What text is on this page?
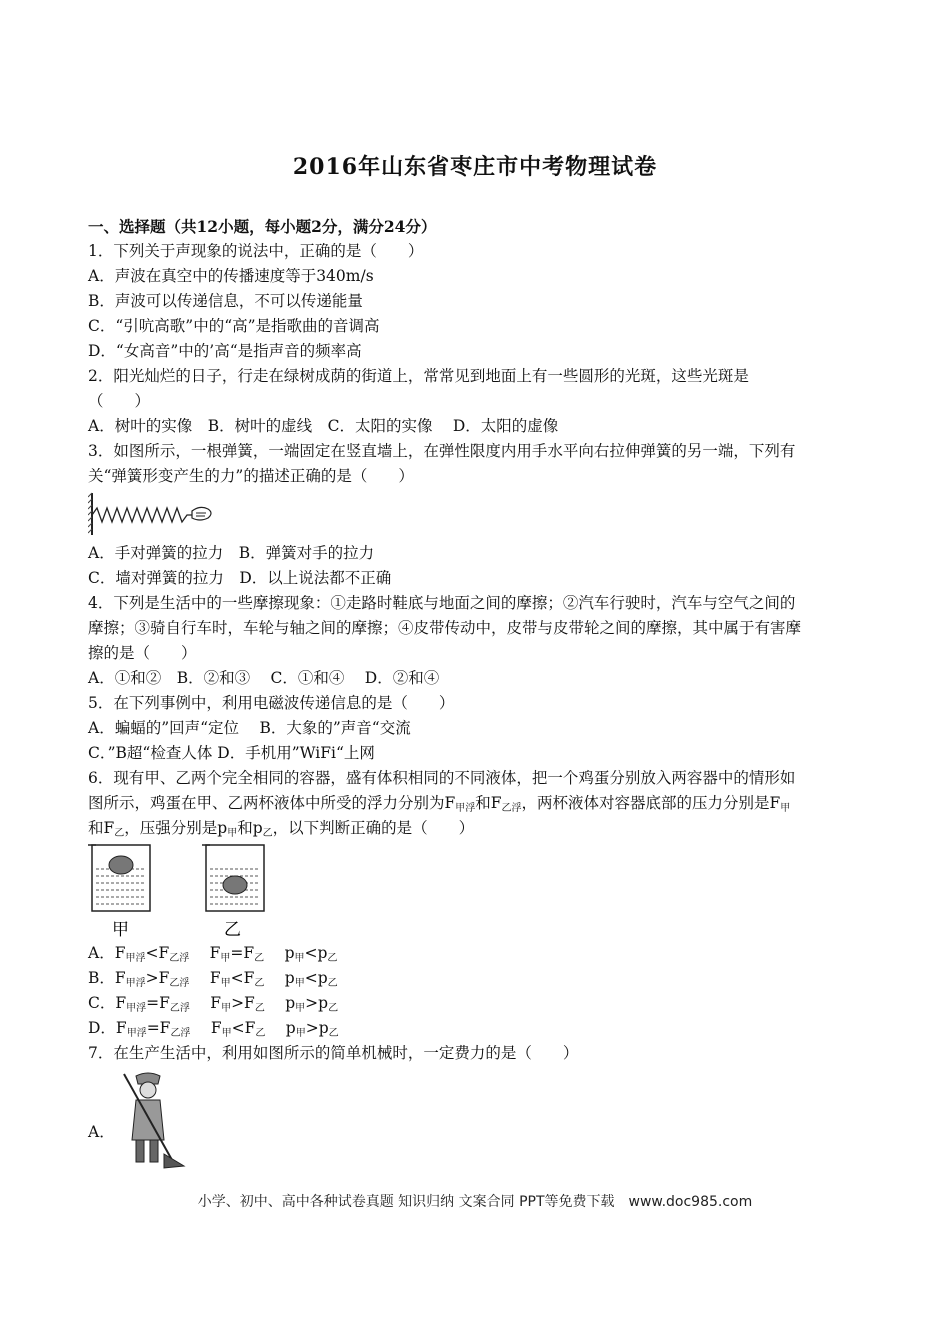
2016年山东省枣庄市中考物理试卷
一、选择题（共12小题，每小题2分，满分24分）
1．下列关于声现象的说法中，正确的是（　　）
A．声波在真空中的传播速度等于340m/s
B．声波可以传递信息，不可以传递能量
C．“引吭高歌”中的“高”是指歌曲的音调高
D．“女高音”中的’高“是指声音的频率高
2．阳光灿烂的日子，行走在绿树成荫的街道上，常常见到地面上有一些圆形的光斑，这些光斑是
（　　）
A．树叶的实像　B．树叶的虚线　C．太阳的实像　 D．太阳的虚像
3．如图所示，一根弹簧，一端固定在竖直墙上，在弹性限度内用手水平向右拉伸弹簧的另一端，下列有
关“弹簧形变产生的力”的描述正确的是（　　）
A．手对弹簧的拉力　B．弹簧对手的拉力
C．墙对弹簧的拉力　D．以上说法都不正确
4．下列是生活中的一些摩擦现象：①走路时鞋底与地面之间的摩擦；②汽车行驶时，汽车与空气之间的
摩擦；③骑自行车时，车轮与轴之间的摩擦；④皮带传动中，皮带与皮带轮之间的摩擦，其中属于有害摩
擦的是（　　）
A．①和②　B．②和③　 C．①和④　 D．②和④
5．在下列事例中，利用电磁波传递信息的是（　　）
A．蝙蝠的”回声“定位　 B．大象的”声音“交流
C．”B超“检查人体 D．手机用”WiFi“上网
6．现有甲、乙两个完全相同的容器，盛有体积相同的不同液体，把一个鸡蛋分别放入两容器中的情形如
图所示，鸡蛋在甲、乙两杯液体中所受的浮力分别为$F_{甲浮}$和$F_{乙浮}$，两杯液体对容器底部的压力分别是$F_甲$
和$F_乙$，压强分别是$p_甲$和$p_乙$，以下判断正确的是（　　）
甲	乙
A．$F_{甲浮}<F_{乙浮}$　 $F_甲=F_乙$　 $p_甲<p_乙$
B．$F_{甲浮}>F_{乙浮}$　 $F_甲<F_乙$　 $p_甲<p_乙$
C．$F_{甲浮}=F_{乙浮}$　 $F_甲>F_乙$　 $p_甲>p_乙$
D．$F_{甲浮}=F_{乙浮}$　 $F_甲<F_乙$　 $p_甲>p_乙$
7．在生产生活中，利用如图所示的简单机械时，一定费力的是（　　）
A．
小学、初中、高中各种试卷真题 知识归纳 文案合同 PPT等免费下载　www.doc985.com
